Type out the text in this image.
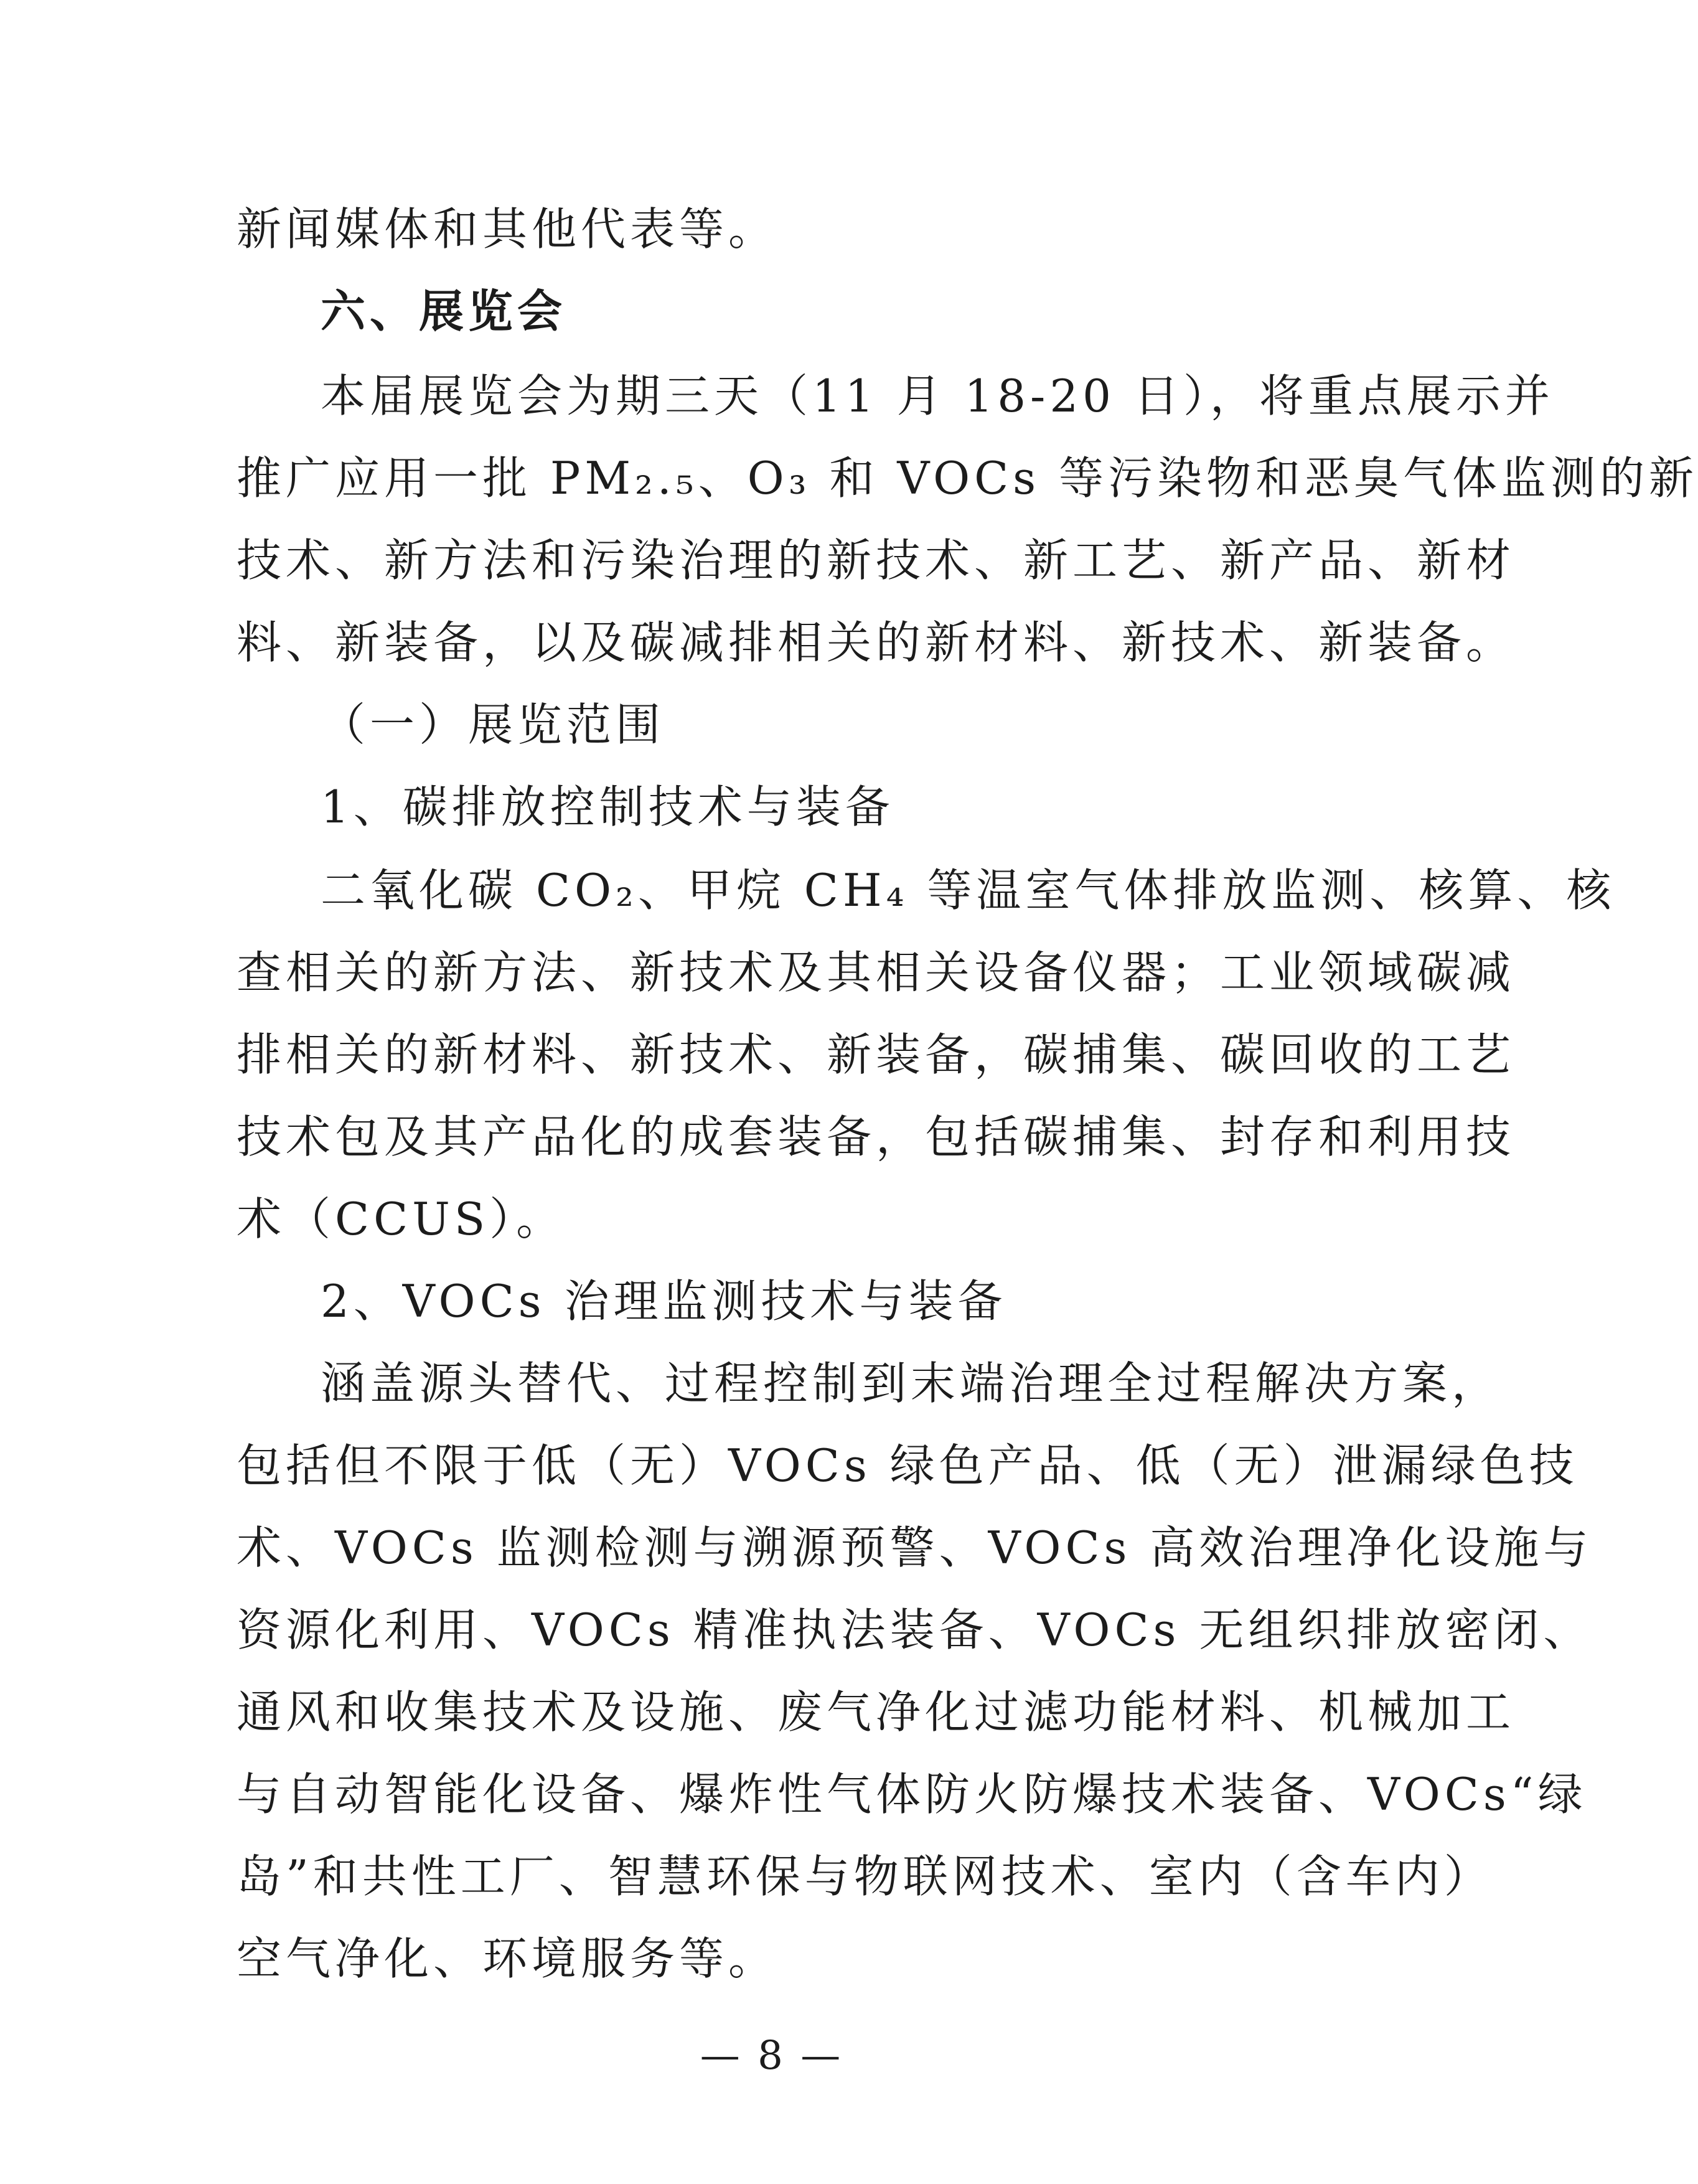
新闻媒体和其他代表等。
六、展览会
本届展览会为期三天（11 月 18-20 日），将重点展示并
推广应用一批 PM₂.₅、O₃ 和 VOCs 等污染物和恶臭气体监测的新
技术、新方法和污染治理的新技术、新工艺、新产品、新材
料、新装备，以及碳减排相关的新材料、新技术、新装备。
（一）展览范围
1、碳排放控制技术与装备
二氧化碳 CO₂、甲烷 CH₄ 等温室气体排放监测、核算、核
查相关的新方法、新技术及其相关设备仪器；工业领域碳减
排相关的新材料、新技术、新装备，碳捕集、碳回收的工艺
技术包及其产品化的成套装备，包括碳捕集、封存和利用技
术（CCUS）。
2、VOCs 治理监测技术与装备
涵盖源头替代、过程控制到末端治理全过程解决方案，
包括但不限于低（无）VOCs 绿色产品、低（无）泄漏绿色技
术、VOCs 监测检测与溯源预警、VOCs 高效治理净化设施与
资源化利用、VOCs 精准执法装备、VOCs 无组织排放密闭、
通风和收集技术及设施、废气净化过滤功能材料、机械加工
与自动智能化设备、爆炸性气体防火防爆技术装备、VOCs“绿
岛”和共性工厂、智慧环保与物联网技术、室内（含车内）
空气净化、环境服务等。
— 8 —
